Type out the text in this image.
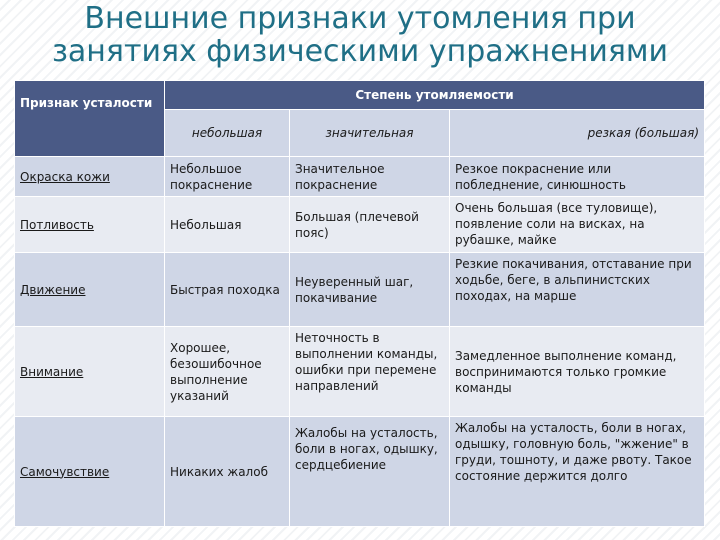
Внешние признаки утомления при занятиях физическими упражнениями
Признак усталости	Степень утомляемости		
	небольшая	значительная	резкая (большая)
Окраска кожи	Небольшое покраснение	Значительное покраснение	Резкое покраснение или побледнение, синюшность
Потливость	Небольшая	Большая (плечевой пояс)	Очень большая (все туловище), появление соли на висках, на рубашке, майке
Движение	Быстрая походка	Неуверенный шаг, покачивание	Резкие покачивания, отставание при ходьбе, беге, в альпинистских походах, на марше
Внимание	Хорошее, безошибочное выполнение указаний	Неточность в выполнении команды, ошибки при перемене направлений	Замедленное выполнение команд, воспринимаются только громкие команды
Самочувствие	Никаких жалоб	Жалобы на усталость, боли в ногах, одышку, сердцебиение	Жалобы на усталость, боли в ногах, одышку, головную боль, "жжение" в груди, тошноту, и даже рвоту. Такое состояние держится долго
